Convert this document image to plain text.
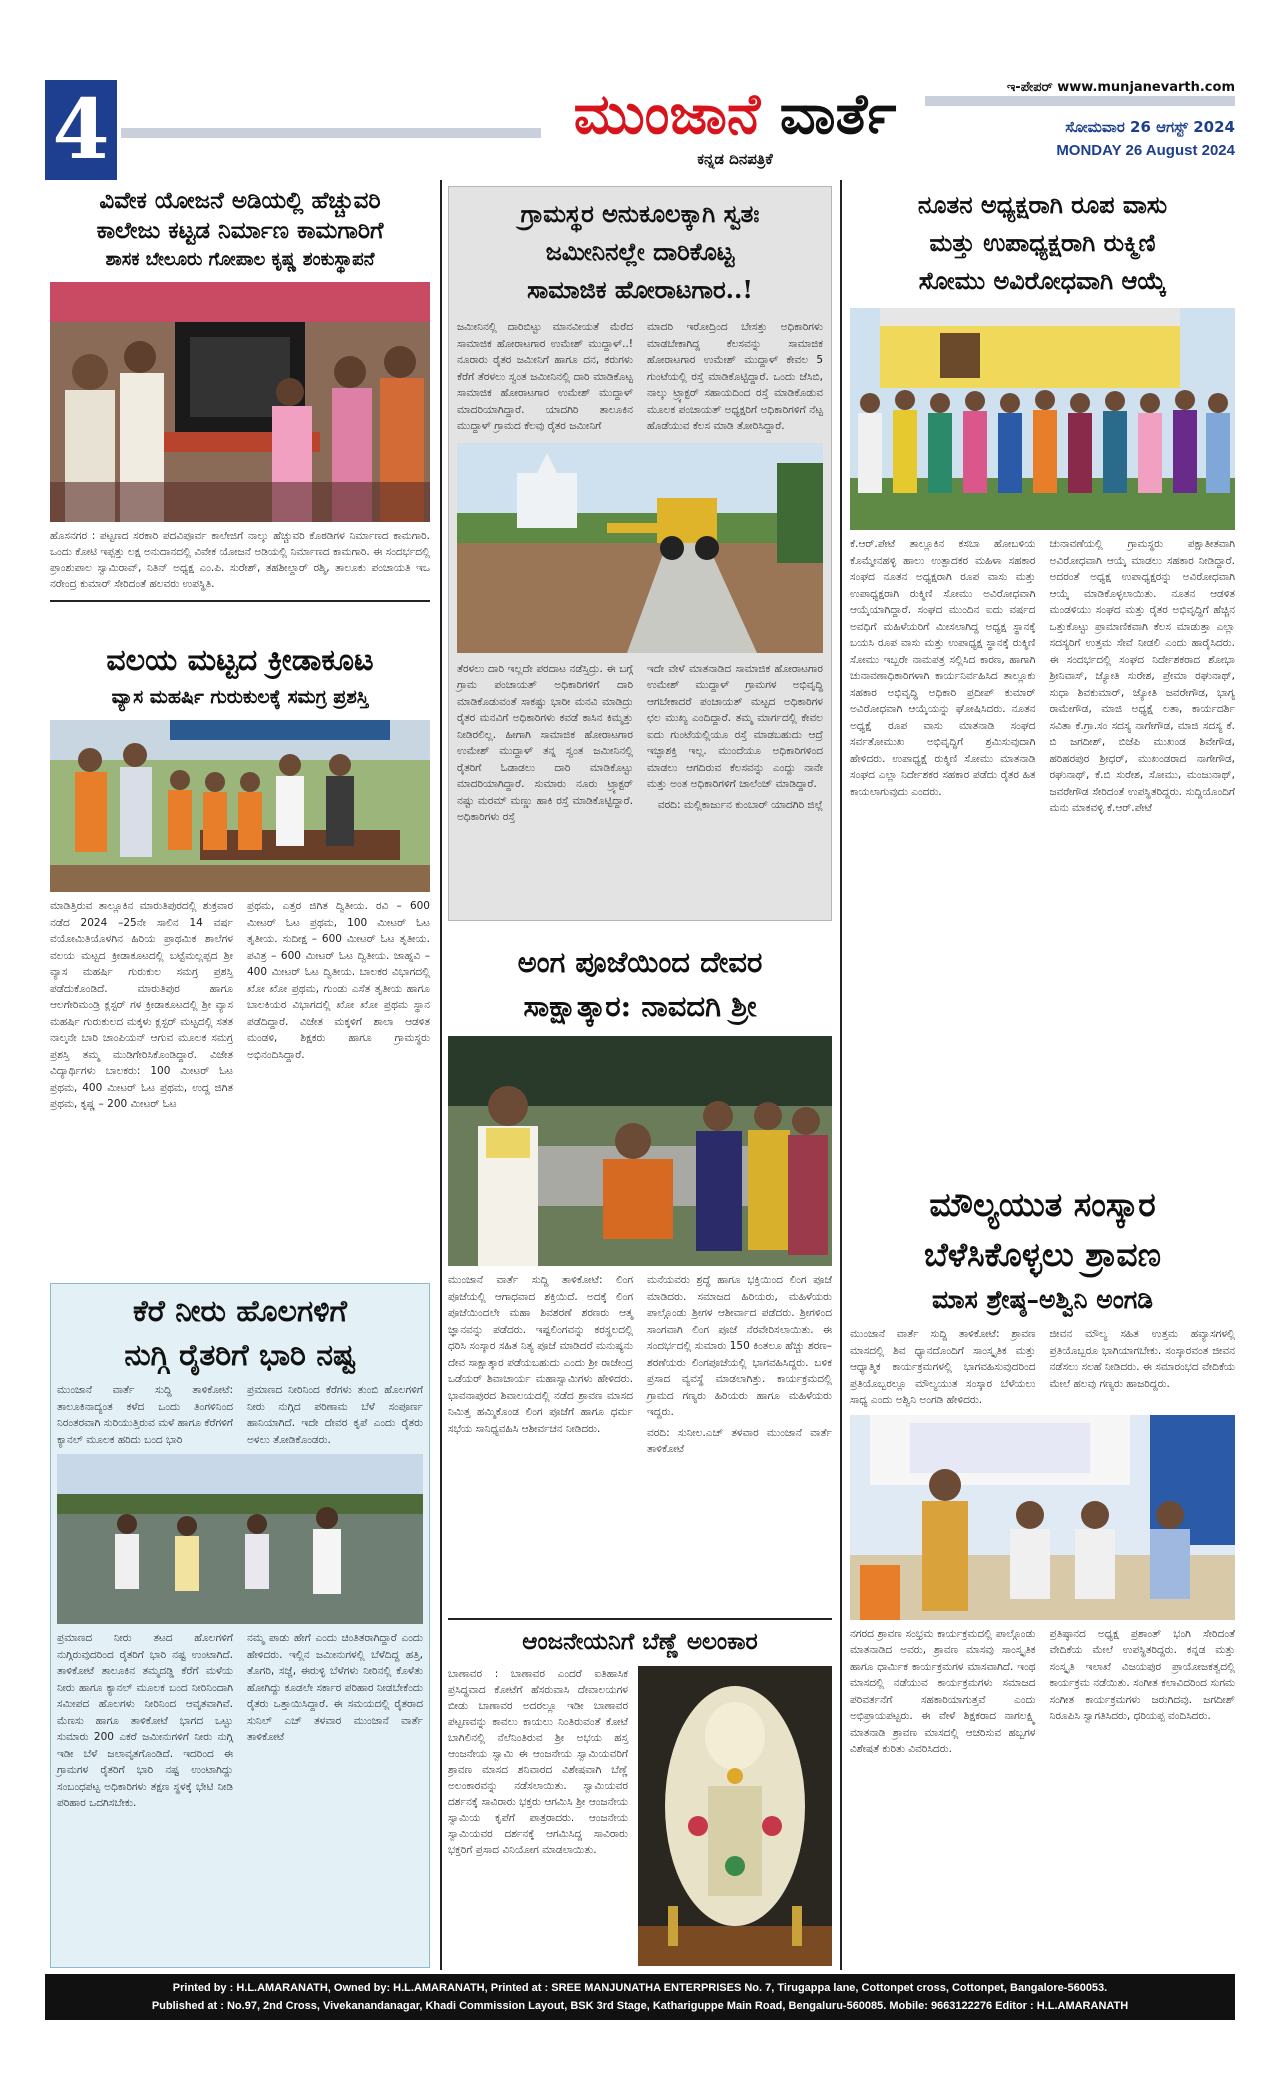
4	ಮುಂಜಾನೆ ವಾರ್ತೆ
ಕನ್ನಡ ದಿನಪತ್ರಿಕೆ
ಇ-ಪೇಪರ್ www.munjanevarth.com
ಸೋಮವಾರ 26 ಆಗಸ್ಟ್ 2024
MONDAY 26 August 2024
ವಿವೇಕ ಯೋಜನೆ ಅಡಿಯಲ್ಲಿ ಹೆಚ್ಚುವರಿ
ಕಾಲೇಜು ಕಟ್ಟಡ ನಿರ್ಮಾಣ ಕಾಮಗಾರಿಗೆ
ಶಾಸಕ ಬೇಲೂರು ಗೋಪಾಲ ಕೃಷ್ಣ ಶಂಕುಸ್ಥಾಪನೆ
ಹೊಸನಗರ : ಪಟ್ಟಣದ ಸರಕಾರಿ ಪದವಿಪೂರ್ವ ಕಾಲೇಜಿಗೆ ನಾಲ್ಕು ಹೆಚ್ಚುವರಿ ಕೊಠಡಿಗಳ ನಿರ್ಮಾಣದ ಕಾಮಗಾರಿ. ಒಂದು ಕೋಟಿ ಇಪ್ಪತ್ತು ಲಕ್ಷ ಅನುದಾನದಲ್ಲಿ ವಿವೇಕ ಯೋಜನೆ ಅಡಿಯಲ್ಲಿ ನಿರ್ಮಾಣದ ಕಾಮಗಾರಿ. ಈ ಸಂದರ್ಭದಲ್ಲಿ ಪ್ರಾಂಶುಪಾಲ ಸ್ವಾಮಿರಾವ್, ನಿತಿನ್ ಅಧ್ಯಕ್ಷ ಎಂ.ಪಿ. ಸುರೇಶ್, ತಹಶೀಲ್ದಾರ್ ರಶ್ಮಿ, ತಾಲೂಕು ಪಂಚಾಯತಿ ಇಒ ನರೇಂದ್ರ ಕುಮಾರ್ ಸೇರಿದಂತೆ ಹಲವರು ಉಪಸ್ಥಿತಿ.
ವಲಯ ಮಟ್ಟದ ಕ್ರೀಡಾಕೂಟ
ವ್ಯಾಸ ಮಹರ್ಷಿ ಗುರುಕುಲಕ್ಕೆ ಸಮಗ್ರ ಪ್ರಶಸ್ತಿ
ಮಾಡಿತ್ತಿರುವ ತಾಲ್ಲೂಕಿನ ಮಾರುತಿಪುರದಲ್ಲಿ ಶುಕ್ರವಾರ ನಡೆದ 2024 –25ನೇ ಸಾಲಿನ 14 ವರ್ಷ ವಯೋಮಿತಿಯೊಳಗಿನ ಹಿರಿಯ ಪ್ರಾಥಮಿಕ ಶಾಲೆಗಳ ವಲಯ ಮಟ್ಟದ ಕ್ರೀಡಾಕೂಟದಲ್ಲಿ ಬಟ್ಟೆಮಲ್ಲಪ್ಪದ ಶ್ರೀ ವ್ಯಾಸ ಮಹರ್ಷಿ ಗುರುಕುಲ ಸಮಗ್ರ ಪ್ರಶಸ್ತಿ ಪಡೆದುಕೊಂಡಿದೆ. ಮಾರುತಿಪುರ ಹಾಗೂ ಆಲಗೇರಿಮಂಡ್ರಿ ಕ್ಲಸ್ಟರ್ ಗಳ ಕ್ರೀಡಾಕೂಟದಲ್ಲಿ ಶ್ರೀ ವ್ಯಾಸ ಮಹರ್ಷಿ ಗುರುಕುಲದ ಮಕ್ಕಳು ಕ್ಲಸ್ಟರ್ ಮಟ್ಟದಲ್ಲಿ ಸತತ ನಾಲ್ಕನೇ ಬಾರಿ ಚಾಂಪಿಯನ್ ಆಗುವ ಮೂಲಕ ಸಮಗ್ರ ಪ್ರಶಸ್ತಿ ತಮ್ಮ ಮುಡಿಗೇರಿಸಿಕೊಂಡಿದ್ದಾರೆ. ವಿಜೇತ ವಿದ್ಯಾರ್ಥಿಗಳು ಬಾಲಕರು: 100 ಮೀಟರ್ ಓಟ ಪ್ರಥಮ, 400 ಮೀಟರ್ ಓಟ ಪ್ರಥಮ, ಉದ್ದ ಜಿಗಿತ ಪ್ರಥಮ, ಕೃಷ್ಣ – 200 ಮೀಟರ್ ಓಟ
ಪ್ರಥಮ, ಎತ್ತರ ಜಿಗಿತ ದ್ವಿತೀಯ. ರವಿ – 600 ಮೀಟರ್ ಓಟ ಪ್ರಥಮ, 100 ಮೀಟರ್ ಓಟ ತೃತೀಯ. ಸುದೀಕ್ಷ – 600 ಮೀಟರ್ ಓಟ ತೃತೀಯ. ಪವಿತ್ರ – 600 ಮೀಟರ್ ಓಟ ದ್ವಿತೀಯ. ಜಾಹ್ನವಿ – 400 ಮೀಟರ್ ಓಟ ದ್ವಿತೀಯ. ಬಾಲಕರ ವಿಭಾಗದಲ್ಲಿ ಖೋ ಖೋ ಪ್ರಥಮ, ಗುಂಡು ಎಸೆತ ತೃತೀಯ ಹಾಗೂ ಬಾಲಕಿಯರ ವಿಭಾಗದಲ್ಲಿ ಖೋ ಖೋ ಪ್ರಥಮ ಸ್ಥಾನ ಪಡೆದಿದ್ದಾರೆ. ವಿಜೇತ ಮಕ್ಕಳಿಗೆ ಶಾಲಾ ಆಡಳಿತ ಮಂಡಳಿ, ಶಿಕ್ಷಕರು ಹಾಗೂ ಗ್ರಾಮಸ್ಥರು ಅಭಿನಂದಿಸಿದ್ದಾರೆ.
ಕೆರೆ ನೀರು ಹೊಲಗಳಿಗೆ
ನುಗ್ಗಿ ರೈತರಿಗೆ ಭಾರಿ ನಷ್ಟ
ಮುಂಜಾನೆ ವಾರ್ತೆ ಸುದ್ದಿ ತಾಳಿಕೋಟೆ: ತಾಲೂಕಿನಾದ್ಯಂತ ಕಳೆದ ಒಂದು ತಿಂಗಳಿನಿಂದ ನಿರಂತರವಾಗಿ ಸುರಿಯುತ್ತಿರುವ ಮಳೆ ಹಾಗೂ ಕೆರೆಗಳಿಗೆ ಕ್ಯಾನಲ್ ಮೂಲಕ ಹರಿದು ಬಂದ ಭಾರಿ
ಪ್ರಮಾಣದ ನೀರಿನಿಂದ ಕೆರೆಗಳು ತುಂಬಿ ಹೊಲಗಳಿಗೆ ನೀರು ನುಗ್ಗಿದ ಪರಿಣಾಮ ಬೆಳೆ ಸಂಪೂರ್ಣ ಹಾನಿಯಾಗಿದೆ. ಇದೇ ದೇವರ ಕೃಪೆ ಎಂದು ರೈತರು ಅಳಲು ತೋಡಿಕೊಂಡರು.
ಪ್ರಮಾಣದ ನೀರು ತಟದ ಹೊಲಗಳಿಗೆ ನುಗ್ಗಿರುವುದರಿಂದ ರೈತರಿಗೆ ಭಾರಿ ನಷ್ಟ ಉಂಟಾಗಿದೆ. ತಾಳಿಕೋಟೆ ತಾಲೂಕಿನ ತಮ್ಮದಡ್ಡಿ ಕೆರೆಗೆ ಮಳೆಯ ನೀರು ಹಾಗೂ ಕ್ಯಾನಲ್ ಮೂಲಕ ಬಂದ ನೀರಿನಿಂದಾಗಿ ಸಮೀಪದ ಹೊಲಗಳು ನೀರಿನಿಂದ ಆವೃತವಾಗಿವೆ. ಮೆಣಸು ಹಾಗೂ ತಾಳಿಕೋಟೆ ಭಾಗದ ಒಟ್ಟು ಸುಮಾರು 200 ಎಕರೆ ಜಮೀನುಗಳಿಗೆ ನೀರು ನುಗ್ಗಿ ಇಡೀ ಬೆಳೆ ಜಲಾವೃತಗೊಂಡಿದೆ. ಇದರಿಂದ ಈ ಗ್ರಾಮಗಳ ರೈತರಿಗೆ ಭಾರಿ ನಷ್ಟ ಉಂಟಾಗಿದ್ದು ಸಂಬಂಧಪಟ್ಟ ಅಧಿಕಾರಿಗಳು ತಕ್ಷಣ ಸ್ಥಳಕ್ಕೆ ಭೇಟಿ ನೀಡಿ ಪರಿಹಾರ ಒದಗಿಸಬೇಕು.
ನಮ್ಮ ಪಾಡು ಹೇಗೆ ಎಂದು ಚಿಂತಿತರಾಗಿದ್ದಾರೆ ಎಂದು ಹೇಳಿದರು. ಇಲ್ಲಿನ ಜಮೀನುಗಳಲ್ಲಿ ಬೆಳೆದಿದ್ದ ಹತ್ತಿ, ತೊಗರಿ, ಸಜ್ಜೆ, ಈರುಳ್ಳಿ ಬೆಳೆಗಳು ನೀರಿನಲ್ಲಿ ಕೊಳೆತು ಹೋಗಿದ್ದು ಕೂಡಲೇ ಸರ್ಕಾರ ಪರಿಹಾರ ನೀಡಬೇಕೆಂದು ರೈತರು ಒತ್ತಾಯಿಸಿದ್ದಾರೆ. ಈ ಸಮಯದಲ್ಲಿ ರೈತರಾದ ಸುನಿಲ್ ಎಚ್ ತಳವಾರ ಮುಂಜಾನೆ ವಾರ್ತೆ ತಾಳಿಕೋಟೆ
ಗ್ರಾಮಸ್ಥರ ಅನುಕೂಲಕ್ಕಾಗಿ ಸ್ವತಃ
ಜಮೀನಿನಲ್ಲೇ ದಾರಿಕೊಟ್ಟ
ಸಾಮಾಜಿಕ ಹೋರಾಟಗಾರ..!
ಜಮೀನಿನಲ್ಲಿ ದಾರಿಬಿಟ್ಟು ಮಾನವೀಯತೆ ಮೆರೆದ ಸಾಮಾಜಿಕ ಹೋರಾಟಗಾರ ಉಮೇಶ್ ಮುದ್ದಾಳ್..! ನೂರಾರು ರೈತರ ಜಮೀನಿಗೆ ಹಾಗೂ ದನ, ಕರುಗಳು ಕೆರೆಗೆ ತೆರಳಲು ಸ್ವಂತ ಜಮೀನಿನಲ್ಲಿ ದಾರಿ ಮಾಡಿಕೊಟ್ಟ ಸಾಮಾಜಿಕ ಹೋರಾಟಗಾರ ಉಮೇಶ್ ಮುದ್ದಾಳ್ ಮಾದರಿಯಾಗಿದ್ದಾರೆ. ಯಾದಗಿರಿ ತಾಲೂಕಿನ ಮುದ್ದಾಳ್ ಗ್ರಾಮದ ಕೆಲವು ರೈತರ ಜಮೀನಿಗೆ
ಮಾದರಿ ಇರೋದ್ರಿಂದ ಬೇಸತ್ತು ಅಧಿಕಾರಿಗಳು ಮಾಡಬೇಕಾಗಿದ್ದ ಕೆಲಸವನ್ನು ಸಾಮಾಜಿಕ ಹೋರಾಟಗಾರ ಉಮೇಶ್ ಮುದ್ದಾಳ್ ಕೇವಲ 5 ಗುಂಟೆಯಲ್ಲಿ ರಸ್ತೆ ಮಾಡಿಕೊಟ್ಟಿದ್ದಾರೆ. ಒಂದು ಜೆಸಿಬಿ, ನಾಲ್ಕು ಟ್ರ್ಯಾಕ್ಟರ್ ಸಹಾಯದಿಂದ ರಸ್ತೆ ಮಾಡಿಕೊಡುವ ಮೂಲಕ ಪಂಚಾಯತ್ ಅಧ್ಯಕ್ಷರಿಗೆ ಅಧಿಕಾರಿಗಳಿಗೆ ನೆಟ್ಟ ಹೊಡೆಯುವ ಕೆಲಸ ಮಾಡಿ ತೋರಿಸಿದ್ದಾರೆ.
ತೆರಳಲು ದಾರಿ ಇಲ್ಲದೇ ಪರದಾಟ ನಡೆಸ್ತಿದ್ರು. ಈ ಬಗ್ಗೆ ಗ್ರಾಮ ಪಂಚಾಯತ್ ಅಧಿಕಾರಿಗಳಿಗೆ ದಾರಿ ಮಾಡಿಕೊಡುವಂತೆ ಸಾಕಷ್ಟು ಭಾರೀ ಮನವಿ ಮಾಡಿದ್ರು ರೈತರ ಮನವಿಗೆ ಅಧಿಕಾರಿಗಳು ಕವಡೆ ಕಾಸಿನ ಕಿಮ್ಮತ್ತು ನೀಡಿರಲಿಲ್ಲ. ಹೀಗಾಗಿ ಸಾಮಾಜಿಕ ಹೋರಾಟಗಾರ ಉಮೇಶ್ ಮುದ್ದಾಳ್ ತನ್ನ ಸ್ವಂತ ಜಮೀನಿನಲ್ಲಿ ರೈತರಿಗೆ ಓಡಾಡಲು ದಾರಿ ಮಾಡಿಕೊಟ್ಟು ಮಾದರಿಯಾಗಿದ್ದಾರೆ. ಸುಮಾರು ನೂರು ಟ್ರ್ಯಾಕ್ಟರ್ ನಷ್ಟು ಮರಮ್ ಮಣ್ಣು ಹಾಕಿ ರಸ್ತೆ ಮಾಡಿಕೊಟ್ಟಿದ್ದಾರೆ. ಅಧಿಕಾರಿಗಳು ರಸ್ತೆ
ಇದೇ ವೇಳೆ ಮಾತನಾಡಿದ ಸಾಮಾಜಿಕ ಹೋರಾಟಗಾರ ಉಮೇಶ್ ಮುದ್ದಾಳ್ ಗ್ರಾಮಗಳ ಅಭಿವೃದ್ಧಿ ಆಗಬೇಕಾದರೆ ಪಂಚಾಯತ್ ಮಟ್ಟದ ಅಧಿಕಾರಿಗಳ ಛಲ ಮುಖ್ಯ ಎಂದಿದ್ದಾರೆ. ತಮ್ಮ ಮಾರ್ಗದಲ್ಲಿ ಕೇವಲ ಐದು ಗುಂಟೆಯಲ್ಲಿಯೂ ರಸ್ತೆ ಮಾಡಬಹುದು ಆದ್ರೆ ಇಚ್ಛಾಶಕ್ತಿ ಇಲ್ಲ. ಮುಂದೆಯೂ ಅಧಿಕಾರಿಗಳಿಂದ ಮಾಡಲು ಆಗದಿರುವ ಕೆಲಸವನ್ನು ಎಂದ್ದು ನಾನೇ ಮತ್ತು ಅಂತ ಅಧಿಕಾರಿಗಳಿಗೆ ಚಾಲೆಂಜ್ ಮಾಡಿದ್ದಾರೆ.
ವರದಿ: ಮಲ್ಲಿಕಾರ್ಜುನ ಕುಂಬಾರ್ ಯಾದಗಿರಿ ಜಿಲ್ಲೆ
ಅಂಗ ಪೂಜೆಯಿಂದ ದೇವರ
ಸಾಕ್ಷಾತ್ಕಾರ: ನಾವದಗಿ ಶ್ರೀ
ಮುಂಜಾನೆ ವಾರ್ತೆ ಸುದ್ದಿ ತಾಳಿಕೋಟೆ: ಲಿಂಗ ಪೂಜೆಯಲ್ಲಿ ಆಗಾಧವಾದ ಶಕ್ತಿಯಿದೆ. ಅದಕ್ಕೆ ಲಿಂಗ ಪೂಜೆಯಿಂದಲೇ ಮಹಾ ಶಿವಶರಣೆ ಶರಣರು ಆತ್ಮ ಜ್ಞಾನವನ್ನು ಪಡೆದರು. ಇಷ್ಟಲಿಂಗವನ್ನು ಕರಸ್ಥಲದಲ್ಲಿ ಧರಿಸಿ ಸಂಸ್ಕಾರ ಸಹಿತ ನಿತ್ಯ ಪೂಜೆ ಮಾಡಿದರೆ ಮನುಷ್ಯನು ದೇವ ಸಾಕ್ಷಾತ್ಕಾರ ಪಡೆಯಬಹುದು ಎಂದು ಶ್ರೀ ರಾಜೇಂದ್ರ ಒಡೆಯರ್ ಶಿವಾಚಾರ್ಯ ಮಹಾಸ್ವಾಮಿಗಳು ಹೇಳಿದರು. ಭಾವನಾಪುರದ ಶಿವಾಲಯದಲ್ಲಿ ನಡೆದ ಶ್ರಾವಣ ಮಾಸದ ನಿಮಿತ್ತ ಹಮ್ಮಿಕೊಂಡ ಲಿಂಗ ಪೂಜೆಗೆ ಹಾಗೂ ಧರ್ಮ ಸಭೆಯ ಸಾನಿಧ್ಯವಹಿಸಿ ಆಶೀರ್ವಚನ ನೀಡಿದರು.
ಮನೆಯವರು ಶ್ರದ್ಧೆ ಹಾಗೂ ಭಕ್ತಿಯಿಂದ ಲಿಂಗ ಪೂಜೆ ಮಾಡಿದರು. ಸಮಾಜದ ಹಿರಿಯರು, ಮಹಿಳೆಯರು ಪಾಲ್ಗೊಂಡು ಶ್ರೀಗಳ ಆಶೀರ್ವಾದ ಪಡೆದರು. ಶ್ರೀಗಳಿಂದ ಸಾಂಗವಾಗಿ ಲಿಂಗ ಪೂಜೆ ನೆರವೇರಿಸಲಾಯಿತು. ಈ ಸಂದರ್ಭದಲ್ಲಿ ಸುಮಾರು 150 ಕಿಂತಲೂ ಹೆಚ್ಚು ಶರಣ–ಶರಣೆಯರು ಲಿಂಗಪೂಜೆಯಲ್ಲಿ ಭಾಗವಹಿಸಿದ್ದರು. ಬಳಿಕ ಪ್ರಸಾದ ವ್ಯವಸ್ಥೆ ಮಾಡಲಾಗಿತ್ತು. ಕಾರ್ಯಕ್ರಮದಲ್ಲಿ ಗ್ರಾಮದ ಗಣ್ಯರು ಹಿರಿಯರು ಹಾಗೂ ಮಹಿಳೆಯರು ಇದ್ದರು.
ವರದಿ: ಸುನೀಲ.ಎಚ್ ತಳವಾರ ಮುಂಜಾನೆ ವಾರ್ತೆ ತಾಳಿಕೋಟೆ
ಆಂಜನೇಯನಿಗೆ ಬೆಣ್ಣೆ ಅಲಂಕಾರ
ಬಾಣಾವರ : ಬಾಣಾವರ ಎಂದರೆ ಐತಿಹಾಸಿಕ ಪ್ರಸಿದ್ಧವಾದ ಕೋಟೆಗೆ ಹೆಸರುವಾಸಿ ದೇವಾಲಯಗಳ ಬೀಡು ಬಾಣಾವರ ಅದರಲ್ಲೂ ಇಡೀ ಬಾಣಾವರ ಪಟ್ಟಣವನ್ನು ಕಾವಲು ಕಾಯಲು ನಿಂತಿರುವಂತೆ ಕೋಟೆ ಬಾಗಿಲಿನಲ್ಲಿ ನೆಲೆನಿಂತಿರುವ ಶ್ರೀ ಅಭಯ ಹಸ್ತ ಆಂಜನೇಯ ಸ್ವಾಮಿ ಈ ಆಂಜನೇಯ ಸ್ವಾಮಿಯವರಿಗೆ ಶ್ರಾವಣ ಮಾಸದ ಶನಿವಾರದ ವಿಶೇಷವಾಗಿ ಬೆಣ್ಣೆ ಅಲಂಕಾರವನ್ನು ನಡೆಸಲಾಯಿತು. ಸ್ವಾಮಿಯವರ ದರ್ಶನಕ್ಕೆ ಸಾವಿರಾರು ಭಕ್ತರು ಆಗಮಿಸಿ ಶ್ರೀ ಆಂಜನೇಯ ಸ್ವಾಮಿಯ ಕೃಪೆಗೆ ಪಾತ್ರರಾದರು. ಆಂಜನೇಯ ಸ್ವಾಮಿಯವರ ದರ್ಶನಕ್ಕೆ ಆಗಮಿಸಿದ್ದ ಸಾವಿರಾರು ಭಕ್ತರಿಗೆ ಪ್ರಸಾದ ವಿನಿಯೋಗ ಮಾಡಲಾಯಿತು.
ನೂತನ ಅಧ್ಯಕ್ಷರಾಗಿ ರೂಪ ವಾಸು
ಮತ್ತು ಉಪಾಧ್ಯಕ್ಷರಾಗಿ ರುಕ್ಮಿಣಿ
ಸೋಮು ಅವಿರೋಧವಾಗಿ ಆಯ್ಕೆ
ಕೆ.ಆರ್.ಪೇಟೆ ತಾಲ್ಲೂಕಿನ ಕಸಬಾ ಹೋಬಳಿಯ ಕೊಮ್ಮೇನಹಳ್ಳಿ ಹಾಲು ಉತ್ಪಾದಕರ ಮಹಿಳಾ ಸಹಕಾರ ಸಂಘದ ನೂತನ ಅಧ್ಯಕ್ಷರಾಗಿ ರೂಪ ವಾಸು ಮತ್ತು ಉಪಾಧ್ಯಕ್ಷರಾಗಿ ರುಕ್ಮಿಣಿ ಸೋಮು ಅವಿರೋಧವಾಗಿ ಆಯ್ಕೆಯಾಗಿದ್ದಾರೆ. ಸಂಘದ ಮುಂದಿನ ಐದು ವರ್ಷದ ಅವಧಿಗೆ ಮಹಿಳೆಯರಿಗೆ ಮೀಸಲಾಗಿದ್ದ ಅಧ್ಯಕ್ಷ ಸ್ಥಾನಕ್ಕೆ ಬಯಸಿ ರೂಪ ವಾಸು ಮತ್ತು ಉಪಾಧ್ಯಕ್ಷ ಸ್ಥಾನಕ್ಕೆ ರುಕ್ಮಿಣಿ ಸೋಮು ಇಬ್ಬರೇ ನಾಮಪತ್ರ ಸಲ್ಲಿಸಿದ ಕಾರಣ, ಹಾಗಾಗಿ ಚುನಾವಣಾಧಿಕಾರಿಗಳಾಗಿ ಕಾರ್ಯನಿರ್ವಹಿಸಿದ ತಾಲ್ಲೂಕು ಸಹಕಾರ ಅಭಿವೃದ್ಧಿ ಅಧಿಕಾರಿ ಪ್ರದೀಪ್ ಕುಮಾರ್ ಅವಿರೋಧವಾಗಿ ಆಯ್ಕೆಯನ್ನು ಘೋಷಿಸಿದರು. ನೂತನ ಅಧ್ಯಕ್ಷೆ ರೂಪ ವಾಸು ಮಾತನಾಡಿ ಸಂಘದ ಸರ್ವತೋಮುಖ ಅಭಿವೃದ್ಧಿಗೆ ಶ್ರಮಿಸುವುದಾಗಿ ಹೇಳಿದರು. ಉಪಾಧ್ಯಕ್ಷೆ ರುಕ್ಮಿಣಿ ಸೋಮು ಮಾತನಾಡಿ ಸಂಘದ ಎಲ್ಲಾ ನಿರ್ದೇಶಕರ ಸಹಕಾರ ಪಡೆದು ರೈತರ ಹಿತ ಕಾಯಲಾಗುವುದು ಎಂದರು.
ಚುನಾವಣೆಯಲ್ಲಿ ಗ್ರಾಮಸ್ಥರು ಪಕ್ಷಾತೀತವಾಗಿ ಅವಿರೋಧವಾಗಿ ಆಯ್ಕೆ ಮಾಡಲು ಸಹಕಾರ ನೀಡಿದ್ದಾರೆ. ಅದರಂತೆ ಅಧ್ಯಕ್ಷ ಉಪಾಧ್ಯಕ್ಷರನ್ನು ಅವಿರೋಧವಾಗಿ ಆಯ್ಕೆ ಮಾಡಿಕೊಳ್ಳಲಾಯಿತು. ನೂತನ ಆಡಳಿತ ಮಂಡಳಿಯು ಸಂಘದ ಮತ್ತು ರೈತರ ಅಭಿವೃದ್ಧಿಗೆ ಹೆಚ್ಚಿನ ಒತ್ತುಕೊಟ್ಟು ಪ್ರಾಮಾಣಿಕವಾಗಿ ಕೆಲಸ ಮಾಡುತ್ತಾ ಎಲ್ಲಾ ಸದಸ್ಯರಿಗೆ ಉತ್ತಮ ಸೇವೆ ನೀಡಲಿ ಎಂದು ಹಾರೈಸಿದರು. ಈ ಸಂದರ್ಭದಲ್ಲಿ ಸಂಘದ ನಿರ್ದೇಶಕರಾದ ಶೋಭಾ ಶ್ರೀನಿವಾಸ್, ಜ್ಯೋತಿ ಸುರೇಶ, ಪ್ರೇಮಾ ರಘುನಾಥ್, ಸುಧಾ ಶಿವಕುಮಾರ್, ಜ್ಯೋತಿ ಜವರೇಗೌಡ, ಭಾಗ್ಯ ರಾಮೇಗೌಡ, ಮಾಜಿ ಅಧ್ಯಕ್ಷೆ ಲತಾ, ಕಾರ್ಯದರ್ಶಿ ಸವಿತಾ ಕೆ.ಗ್ರಾ.ಸಂ ಸದಸ್ಯ ನಾಗೇಗೌಡ, ಮಾಜಿ ಸದಸ್ಯ ಕೆ. ಬಿ ಜಗದೀಶ್, ಬಿಜೆಪಿ ಮುಖಂಡ ಶಿವೇಗೌಡ, ಹರಿಹರಪುರ ಶ್ರೀಧರ್, ಮುಖಂಡರಾದ ನಾಗೇಗೌಡ, ರಘುನಾಥ್, ಕೆ.ಬಿ ಸುರೇಶ, ಸೋಮು, ಮಂಜುನಾಥ್, ಜವರೇಗೌಡ ಸೇರಿದಂತೆ ಉಪಸ್ಥಿತರಿದ್ದರು. ಸುದ್ದಿಯೊಂದಿಗೆ ಮನು ಮಾಕವಳ್ಳಿ ಕೆ.ಆರ್.ಪೇಟೆ
ಮೌಲ್ಯಯುತ ಸಂಸ್ಕಾರ
ಬೆಳೆಸಿಕೊಳ್ಳಲು ಶ್ರಾವಣ
ಮಾಸ ಶ್ರೇಷ್ಠ–ಅಶ್ವಿನಿ ಅಂಗಡಿ
ಮುಂಜಾನೆ ವಾರ್ತೆ ಸುದ್ದಿ ತಾಳಿಕೋಟೆ: ಶ್ರಾವಣ ಮಾಸದಲ್ಲಿ ಶಿವ ಧ್ಯಾನದೊಂದಿಗೆ ಸಾಂಸ್ಕೃತಿಕ ಮತ್ತು ಆಧ್ಯಾತ್ಮಿಕ ಕಾರ್ಯಕ್ರಮಗಳಲ್ಲಿ ಭಾಗವಹಿಸುವುದರಿಂದ ಪ್ರತಿಯೊಬ್ಬರಲ್ಲೂ ಮೌಲ್ಯಯುತ ಸಂಸ್ಕಾರ ಬೆಳೆಯಲು ಸಾಧ್ಯ ಎಂದು ಅಶ್ವಿನಿ ಅಂಗಡಿ ಹೇಳಿದರು.
ಜೀವನ ಮೌಲ್ಯ ಸಹಿತ ಉತ್ತಮ ಹವ್ಯಾಸಗಳಲ್ಲಿ ಪ್ರತಿಯೊಬ್ಬರೂ ಭಾಗಿಯಾಗಬೇಕು. ಸಂಸ್ಕಾರವಂತ ಜೀವನ ನಡೆಸಲು ಸಲಹೆ ನೀಡಿದರು. ಈ ಸಮಾರಂಭದ ವೇದಿಕೆಯ ಮೇಲೆ ಹಲವು ಗಣ್ಯರು ಹಾಜರಿದ್ದರು.
ನಗರದ ಶ್ರಾವಣ ಸಂಭ್ರಮ ಕಾರ್ಯಕ್ರಮದಲ್ಲಿ ಪಾಲ್ಗೊಂಡು ಮಾತನಾಡಿದ ಅವರು, ಶ್ರಾವಣ ಮಾಸವು ಸಾಂಸ್ಕೃತಿಕ ಹಾಗೂ ಧಾರ್ಮಿಕ ಕಾರ್ಯಕ್ರಮಗಳ ಮಾಸವಾಗಿದೆ. ಇಂಥ ಮಾಸದಲ್ಲಿ ನಡೆಯುವ ಕಾರ್ಯಕ್ರಮಗಳು ಸಮಾಜದ ಪರಿವರ್ತನೆಗೆ ಸಹಕಾರಿಯಾಗುತ್ತವೆ ಎಂದು ಅಭಿಪ್ರಾಯಪಟ್ಟರು. ಈ ವೇಳೆ ಶಿಕ್ಷಕರಾದ ನಾಗಲಕ್ಷ್ಮಿ ಮಾತನಾಡಿ ಶ್ರಾವಣ ಮಾಸದಲ್ಲಿ ಆಚರಿಸುವ ಹಬ್ಬಗಳ ವಿಶೇಷತೆ ಕುರಿತು ವಿವರಿಸಿದರು.
ಪ್ರತಿಷ್ಠಾನದ ಅಧ್ಯಕ್ಷ ಪ್ರಶಾಂತ್ ಭಂಗಿ ಸೇರಿದಂತೆ ವೇದಿಕೆಯ ಮೇಲೆ ಉಪಸ್ಥಿತರಿದ್ದರು. ಕನ್ನಡ ಮತ್ತು ಸಂಸ್ಕೃತಿ ಇಲಾಖೆ ವಿಜಯಪುರ ಪ್ರಾಯೋಜಕತ್ವದಲ್ಲಿ ಕಾರ್ಯಕ್ರಮ ನಡೆಯಿತು. ಸಂಗೀತ ಕಲಾವಿದರಿಂದ ಸುಗಮ ಸಂಗೀತ ಕಾರ್ಯಕ್ರಮಗಳು ಜರುಗಿದವು. ಜಗದೀಶ್ ನಿರೂಪಿಸಿ ಸ್ವಾಗತಿಸಿದರು, ಧರಿಯಪ್ಪ ವಂದಿಸಿದರು.
Printed by : H.L.AMARANATH, Owned by: H.L.AMARANATH, Printed at : SREE MANJUNATHA ENTERPRISES No. 7, Tirugappa lane, Cottonpet cross, Cottonpet, Bangalore-560053.
Published at : No.97, 2nd Cross, Vivekanandanagar, Khadi Commission Layout, BSK 3rd Stage, Kathariguppe Main Road, Bengaluru-560085. Mobile: 9663122276 Editor : H.L.AMARANATH
